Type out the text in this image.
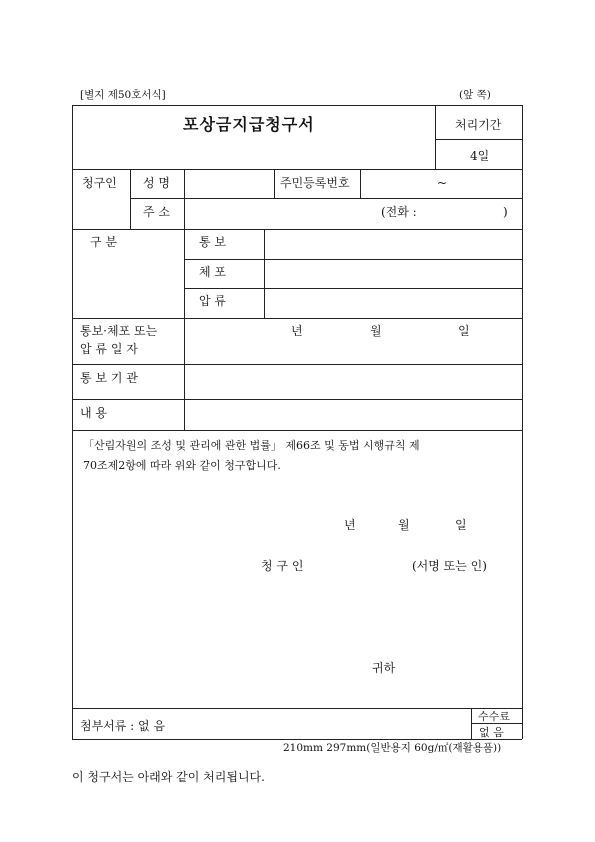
[별지 제50호서식]	(앞 쪽)
포상금지급청구서	처리기간
4일
청구인 성 명	주민등록번호	~
주 소	(전화 :	)
구 분	통 보
체 포
압 류
통보·체포 또는
압 류 일 자
년	월	일
통 보 기 관
내 용
「산림자원의 조성 및 관리에 관한 법률」 제66조 및 동법 시행규칙 제
70조제2항에 따라 위와 같이 청구합니다.
년	월	일
청 구 인	(서명 또는 인)
귀하
첨부서류 : 없 음
수수료
없 음
210mm 297mm(일반용지 60g/㎡(재활용품))
이 청구서는 아래와 같이 처리됩니다.
